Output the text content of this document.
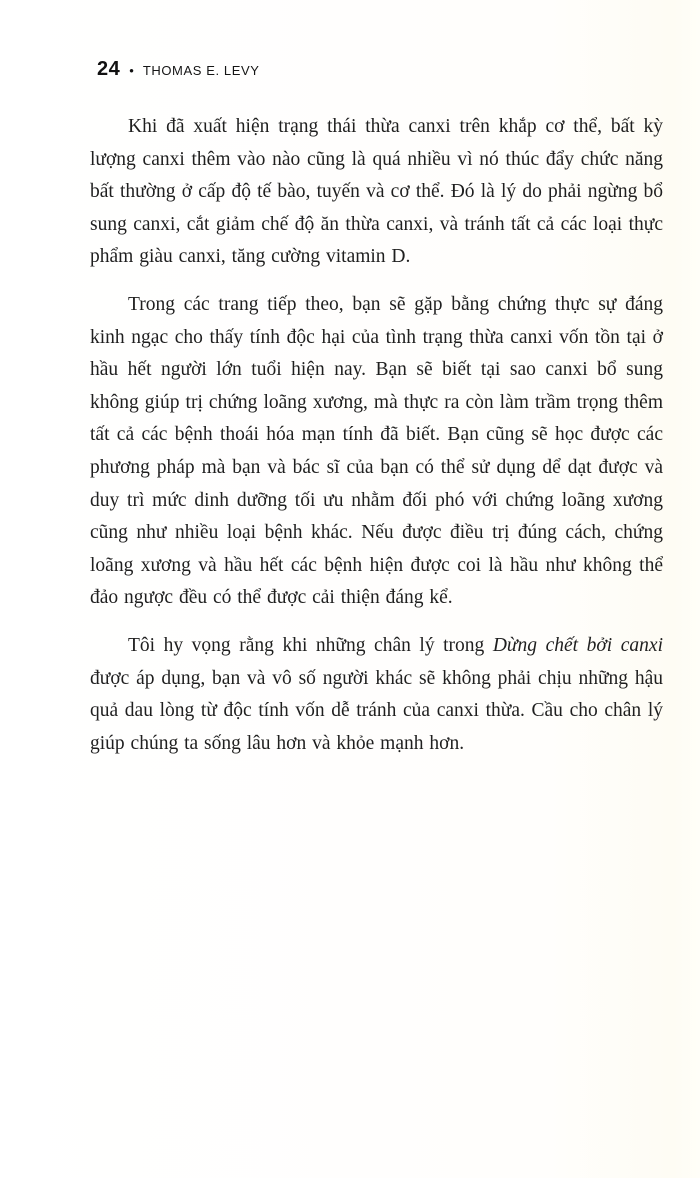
24 • THOMAS E. LEVY

Khi đã xuất hiện trạng thái thừa canxi trên khắp cơ thể, bất kỳ lượng canxi thêm vào nào cũng là quá nhiều vì nó thúc đẩy chức năng bất thường ở cấp độ tế bào, tuyến và cơ thể. Đó là lý do phải ngừng bổ sung canxi, cắt giảm chế độ ăn thừa canxi, và tránh tất cả các loại thực phẩm giàu canxi, tăng cường vitamin D.

Trong các trang tiếp theo, bạn sẽ gặp bằng chứng thực sự đáng kinh ngạc cho thấy tính độc hại của tình trạng thừa canxi vốn tồn tại ở hầu hết người lớn tuổi hiện nay. Bạn sẽ biết tại sao canxi bổ sung không giúp trị chứng loãng xương, mà thực ra còn làm trầm trọng thêm tất cả các bệnh thoái hóa mạn tính đã biết. Bạn cũng sẽ học được các phương pháp mà bạn và bác sĩ của bạn có thể sử dụng dể dạt được và duy trì mức dinh dưỡng tối ưu nhằm đối phó với chứng loãng xương cũng như nhiều loại bệnh khác. Nếu được điều trị đúng cách, chứng loãng xương và hầu hết các bệnh hiện được coi là hầu như không thể đảo ngược đều có thể được cải thiện đáng kể.

Tôi hy vọng rằng khi những chân lý trong Dừng chết bởi canxi được áp dụng, bạn và vô số người khác sẽ không phải chịu những hậu quả dau lòng từ độc tính vốn dễ tránh của canxi thừa. Cầu cho chân lý giúp chúng ta sống lâu hơn và khỏe mạnh hơn.
